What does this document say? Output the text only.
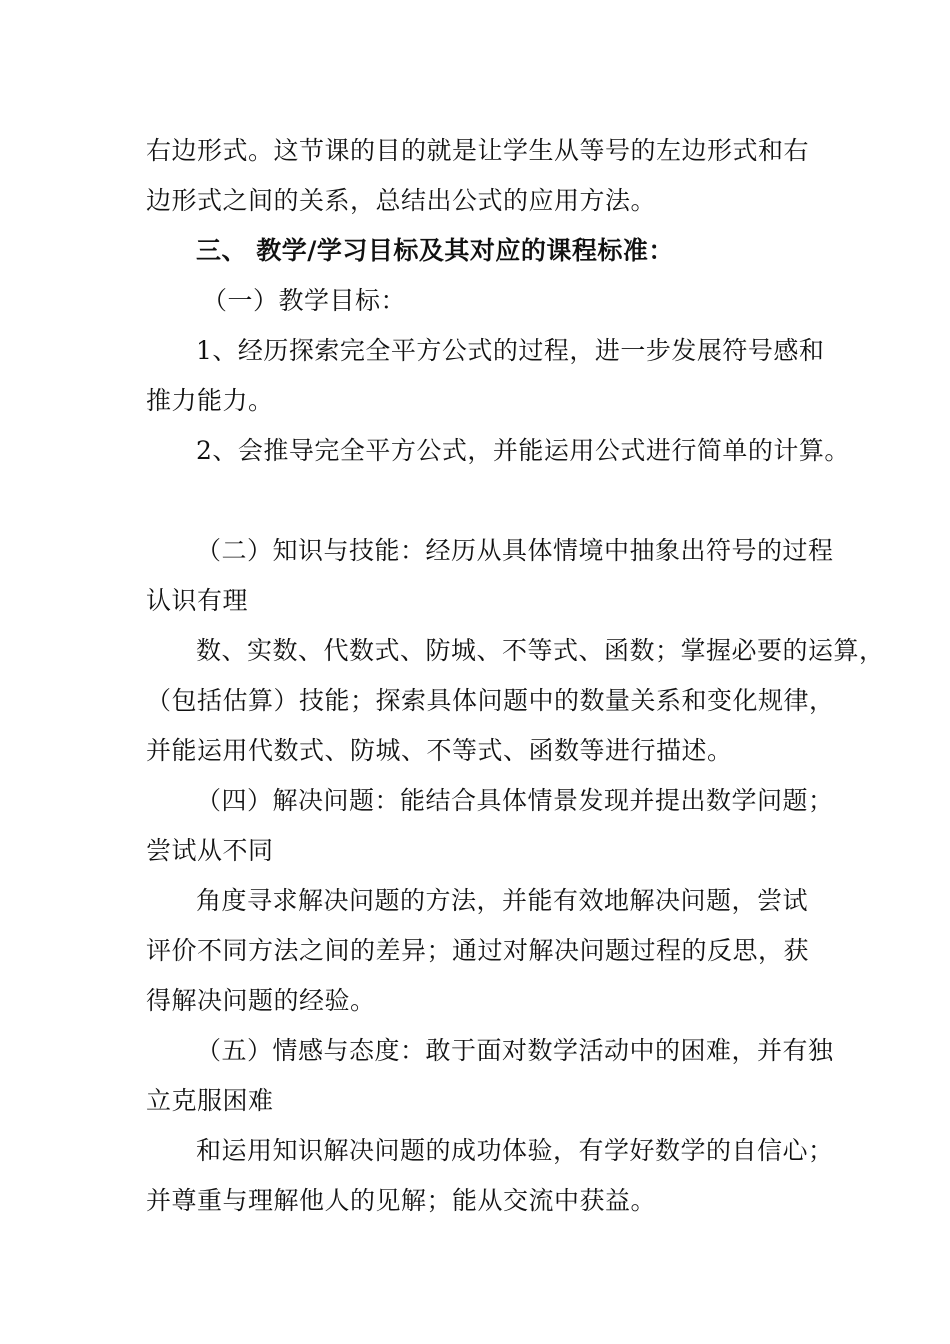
右边形式。这节课的目的就是让学生从等号的左边形式和右
边形式之间的关系，总结出公式的应用方法。
三、 教学/学习目标及其对应的课程标准：
（一）教学目标：
1、经历探索完全平方公式的过程，进一步发展符号感和
推力能力。
2、会推导完全平方公式，并能运用公式进行简单的计算。
（二）知识与技能：经历从具体情境中抽象出符号的过程
认识有理
数、实数、代数式、防城、不等式、函数；掌握必要的运算，
（包括估算）技能；探索具体问题中的数量关系和变化规律，
并能运用代数式、防城、不等式、函数等进行描述。
（四）解决问题：能结合具体情景发现并提出数学问题；
尝试从不同
角度寻求解决问题的方法，并能有效地解决问题，尝试
评价不同方法之间的差异；通过对解决问题过程的反思，获
得解决问题的经验。
（五）情感与态度：敢于面对数学活动中的困难，并有独
立克服困难
和运用知识解决问题的成功体验，有学好数学的自信心；
并尊重与理解他人的见解；能从交流中获益。
